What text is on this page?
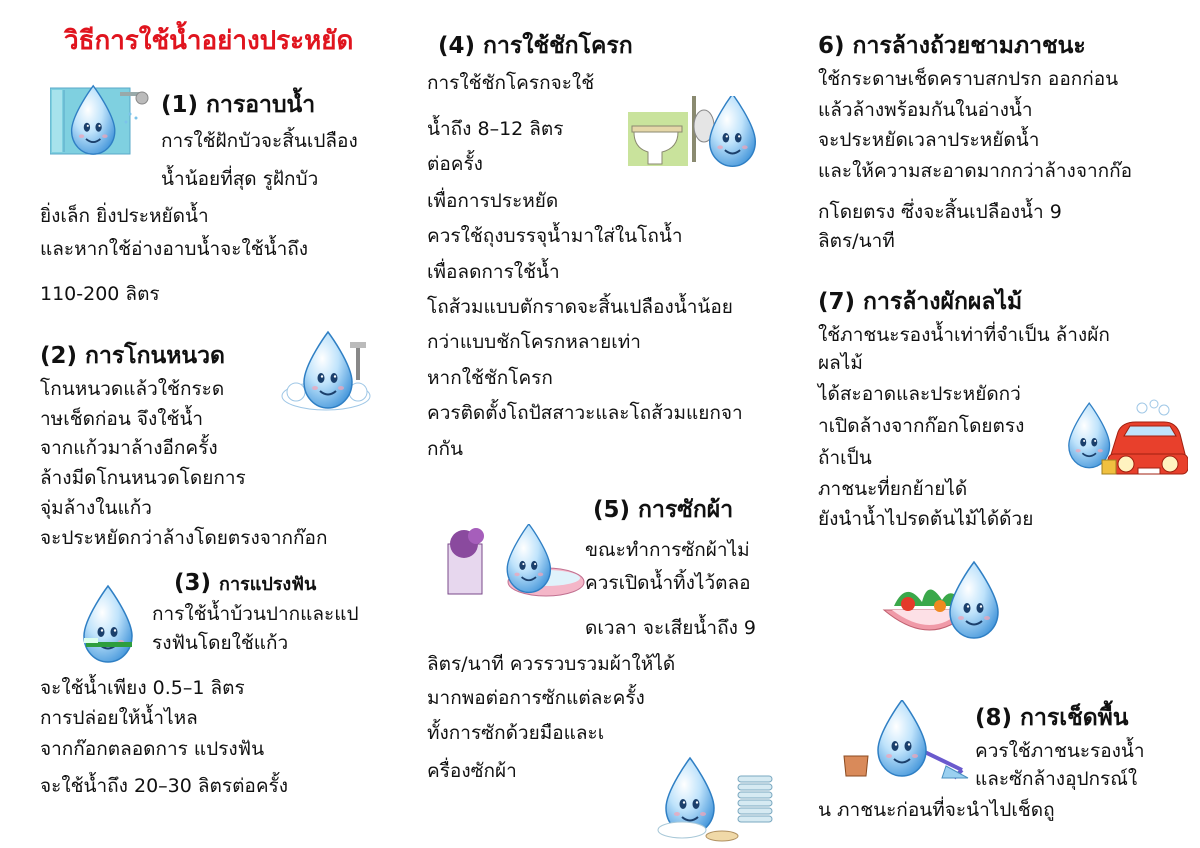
วิธีการใช้น้ำอย่างประหยัด
(1) การอาบน้ำ
การใช้ฝักบัวจะสิ้นเปลือง
น้ำน้อยที่สุด รูฝักบัว
ยิ่งเล็ก ยิ่งประหยัดน้ำ
และหากใช้อ่างอาบน้ำจะใช้น้ำถึง
110-200 ลิตร
(2) การโกนหนวด
โกนหนวดแล้วใช้กระด
าษเช็ดก่อน จึงใช้น้ำ
จากแก้วมาล้างอีกครั้ง
ล้างมีดโกนหนวดโดยการ
จุ่มล้างในแก้ว
จะประหยัดกว่าล้างโดยตรงจากก๊อก
(3) การแปรงฟัน
การใช้น้ำบ้วนปากและแป
รงฟันโดยใช้แก้ว
จะใช้น้ำเพียง 0.5–1 ลิตร
การปล่อยให้น้ำไหล
จากก๊อกตลอดการ แปรงฟัน
จะใช้น้ำถึง 20–30 ลิตรต่อครั้ง
(4) การใช้ชักโครก
การใช้ชักโครกจะใช้
น้ำถึง 8–12 ลิตร
ต่อครั้ง
เพื่อการประหยัด
ควรใช้ถุงบรรจุน้ำมาใส่ในโถน้ำ
เพื่อลดการใช้น้ำ
โถส้วมแบบตักราดจะสิ้นเปลืองน้ำน้อย
กว่าแบบชักโครกหลายเท่า
หากใช้ชักโครก
ควรติดตั้งโถปัสสาวะและโถส้วมแยกจา
กกัน
(5) การซักผ้า
ขณะทำการซักผ้าไม่
ควรเปิดน้ำทิ้งไว้ตลอ
ดเวลา จะเสียน้ำถึง 9
ลิตร/นาที ควรรวบรวมผ้าให้ได้
มากพอต่อการซักแต่ละครั้ง
ทั้งการซักด้วยมือและเ
ครื่องซักผ้า
6) การล้างถ้วยชามภาชนะ
ใช้กระดาษเช็ดคราบสกปรก ออกก่อน
แล้วล้างพร้อมกันในอ่างน้ำ
จะประหยัดเวลาประหยัดน้ำ
และให้ความสะอาดมากกว่าล้างจากก๊อ
กโดยตรง ซึ่งจะสิ้นเปลืองน้ำ 9
ลิตร/นาที
(7) การล้างผักผลไม้
ใช้ภาชนะรองน้ำเท่าที่จำเป็น ล้างผัก
ผลไม้
ได้สะอาดและประหยัดกว่
าเปิดล้างจากก๊อกโดยตรง
ถ้าเป็น
ภาชนะที่ยกย้ายได้
ยังนำน้ำไปรดต้นไม้ได้ด้วย
(8) การเช็ดพื้น
ควรใช้ภาชนะรองน้ำ
และซักล้างอุปกรณ์ใ
น ภาชนะก่อนที่จะนำไปเช็ดถู
